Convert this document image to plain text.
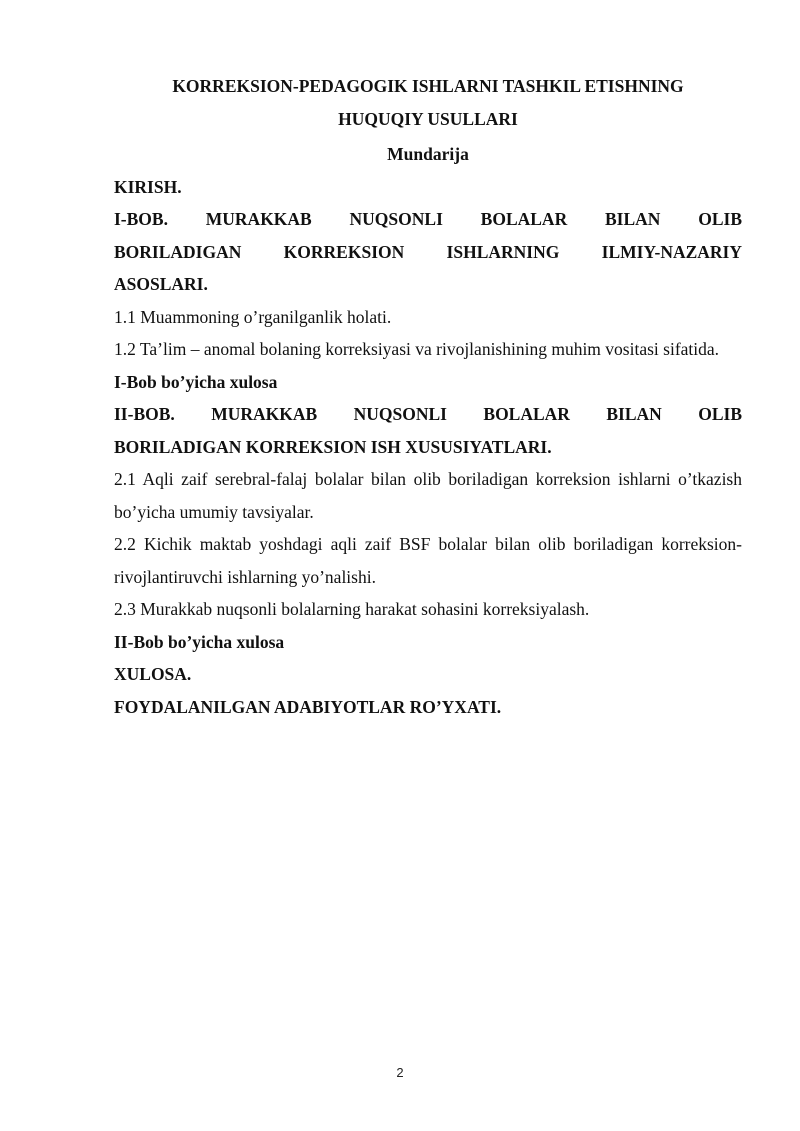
KORREKSION-PEDAGOGIK ISHLARNI TASHKIL ETISHNING
HUQUQIY USULLARI

Mundarija

KIRISH.

I-BOB. MURAKKAB NUQSONLI BOLALAR BILAN OLIB

BORILADIGAN KORREKSION ISHLARNING ILMIY-NAZARIY

ASOSLARI.

1.1 Muammoning o’rganilganlik holati.

1.2 Ta’lim – anomal bolaning korreksiyasi va rivojlanishining muhim vositasi sifatida.

I-Bob bo’yicha xulosa

II-BOB. MURAKKAB NUQSONLI BOLALAR BILAN OLIB

BORILADIGAN KORREKSION ISH XUSUSIYATLARI.

2.1 Aqli zaif serebral-falaj bolalar bilan olib boriladigan korreksion ishlarni o’tkazish bo’yicha umumiy tavsiyalar.

2.2 Kichik maktab yoshdagi aqli zaif BSF bolalar bilan olib boriladigan korreksion-rivojlantiruvchi ishlarning yo’nalishi.

2.3 Murakkab nuqsonli bolalarning harakat sohasini korreksiyalash.

II-Bob bo’yicha xulosa

XULOSA.

FOYDALANILGAN ADABIYOTLAR RO’YXATI.

2
